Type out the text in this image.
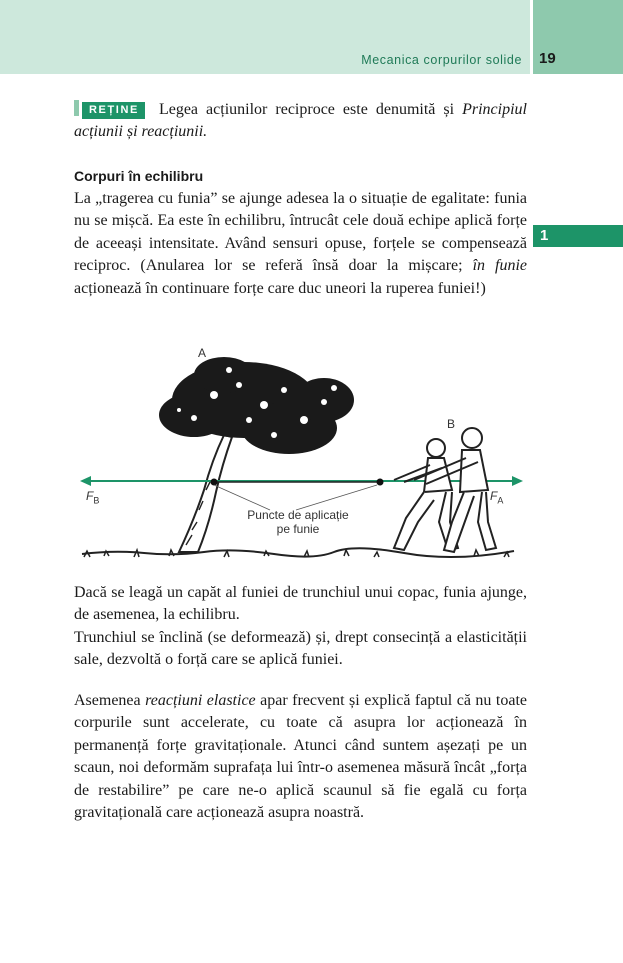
Mecanica corpurilor solide 19
1
REȚINE Legea acțiunilor reciproce este denumită și Principiul acțiunii și reacțiunii.
Corpuri în echilibru
La „tragerea cu funia” se ajunge adesea la o situație de egalitate: funia nu se mișcă. Ea este în echilibru, întrucât cele două echipe aplică forțe de aceeași intensitate. Având sensuri opuse, forțele se compensează reciproc. (Anularea lor se referă însă doar la mișcare; în funie acționează în continuare forțe care duc uneori la ruperea funiei!)
A
B
$F_B$	$F_A$
Puncte de aplicație
pe funie

Dacă se leagă un capăt al funiei de trunchiul unui copac, funia ajunge, de asemenea, la echilibru.

Trunchiul se înclină (se deformează) și, drept consecință a elasticității sale, dezvoltă o forță care se aplică funiei.

Asemenea reacțiuni elastice apar frecvent și explică faptul că nu toate corpurile sunt accelerate, cu toate că asupra lor acționează în permanență forțe gravitaționale. Atunci când suntem așezați pe un scaun, noi deformăm suprafața lui într-o asemenea măsură încât „forța de restabilire” pe care ne-o aplică scaunul să fie egală cu forța gravitațională care acționează asupra noastră.
